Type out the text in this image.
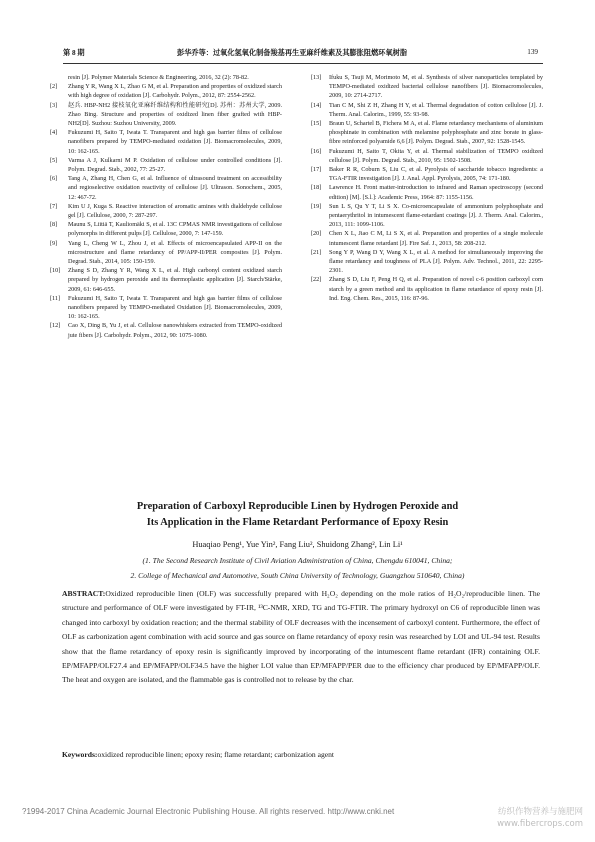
第 8 期	彭华乔等：过氧化氢氧化制备羧基再生亚麻纤维素及其膨胀阻燃环氧树脂	139

resin [J]. Polymer Materials Science & Engineering, 2016, 32 (2): 78-82.

[2] Zhang Y R, Wang X L, Zhao G M, et al. Preparation and properties of oxidized starch with high degree of oxidation [J]. Carbohydr. Polym., 2012, 87: 2554-2562.

[3] 赵兵. HBP-NH2 接枝氧化亚麻纤维结构和性能研究[D]. 苏州：苏州大学, 2009. Zhao Bing. Structure and properties of oxidized linen fiber grafted with HBP-NH2[D]. Suzhou: Suzhou University, 2009.

[4] Fukuzumi H, Saito T, Iwata T. Transparent and high gas barrier films of cellulose nanofibers prepared by TEMPO-mediated oxidation [J]. Biomacromolecules, 2009, 10: 162-165.

[5] Varma A J, Kulkarni M P. Oxidation of cellulose under controlled conditions [J]. Polym. Degrad. Stab., 2002, 77: 25-27.

[6] Tang A, Zhang H, Chen G, et al. Influence of ultrasound treatment on accessibility and regioselective oxidation reactivity of cellulose [J]. Ultrason. Sonochem., 2005, 12: 467-72.

[7] Kim U J, Kuga S. Reactive interaction of aromatic amines with dialdehyde cellulose gel [J]. Cellulose, 2000, 7: 287-297.

[8] Maunu S, Liitiä T, Kauliomäki S, et al. 13C CPMAS NMR investigations of cellulose polymorphs in different pulps [J]. Cellulose, 2000, 7: 147-159.

[9] Yang L, Cheng W L, Zhou J, et al. Effects of microencapsulated APP-II on the microstructure and flame retardancy of PP/APP-II/PER composites [J]. Polym. Degrad. Stab., 2014, 105: 150-159.

[10] Zhang S D, Zhang Y R, Wang X L, et al. High carbonyl content oxidized starch prepared by hydrogen peroxide and its thermoplastic application [J]. Starch/Stärke, 2009, 61: 646-655.

[11] Fukuzumi H, Saito T, Iwata T. Transparent and high gas barrier films of cellulose nanofibers prepared by TEMPO-mediated Oxidation [J]. Biomacromolecules, 2009, 10: 162-165.

[12] Cao X, Ding B, Yu J, et al. Cellulose nanowhiskers extracted from TEMPO-oxidized jute fibers [J]. Carbohydr. Polym., 2012, 90: 1075-1080.

[13] Ifuku S, Tsuji M, Morimoto M, et al. Synthesis of silver nanoparticles templated by TEMPO-mediated oxidized bacterial cellulose nanofibers [J]. Biomacromolecules, 2009, 10: 2714-2717.

[14] Tian C M, Shi Z H, Zhang H Y, et al. Thermal degradation of cotton cellulose [J]. J. Therm. Anal. Calorim., 1999, 55: 93-98.

[15] Braun U, Schartel B, Fichera M A, et al. Flame retardancy mechanisms of aluminium phosphinate in combination with melamine polyphosphate and zinc borate in glass-fibre reinforced polyamide 6,6 [J]. Polym. Degrad. Stab., 2007, 92: 1528-1545.

[16] Fukuzumi H, Saito T, Okita Y, et al. Thermal stabilization of TEMPO oxidized cellulose [J]. Polym. Degrad. Stab., 2010, 95: 1502-1508.

[17] Baker R R, Coburn S, Liu C, et al. Pyrolysis of saccharide tobacco ingredients: a TGA-FTIR investigation [J]. J. Anal. Appl. Pyrolysis, 2005, 74: 171-180.

[18] Lawrence H. Front matter-introduction to infrared and Raman spectroscopy (second edition) [M]. [S.l.]: Academic Press, 1964: 87: 1155-1156.

[19] Sun L S, Qu Y T, Li S X. Co-microencapsulate of ammonium polyphosphate and pentaerythritol in intumescent flame-retardant coatings [J]. J. Therm. Anal. Calorim., 2013, 111: 1099-1106.

[20] Chen X L, Jiao C M, Li S X, et al. Preparation and properties of a single molecule intumescent flame retardant [J]. Fire Saf. J., 2013, 58: 208-212.

[21] Song Y P, Wang D Y, Wang X L, et al. A method for simultaneously improving the flame retardancy and toughness of PLA [J]. Polym. Adv. Technol., 2011, 22: 2295-2301.

[22] Zhang S D, Liu F, Peng H Q, et al. Preparation of novel c-6 position carboxyl corn starch by a green method and its application in flame retardance of epoxy resin [J]. Ind. Eng. Chem. Res., 2015, 116: 87-96.

Preparation of Carboxyl Reproducible Linen by Hydrogen Peroxide and
Its Application in the Flame Retardant Performance of Epoxy Resin
Huaqiao Peng¹, Yue Yin², Fang Liu², Shuidong Zhang², Lin Li¹
(1. The Second Research Institute of Civil Aviation Administration of China, Chengdu 610041, China;
2. College of Mechanical and Automotive, South China University of Technology, Guangzhou 510640, China)
ABSTRACT:Oxidized reproducible linen (OLF) was successfully prepared with H₂O₂ depending on the mole ratios of H₂O₂/reproducible linen. The structure and performance of OLF were investigated by FT-IR, ¹³C-NMR, XRD, TG and TG-FTIR. The primary hydroxyl on C6 of reproducible linen was changed into carboxyl by oxidation reaction; and the thermal stability of OLF decreases with the incensement of carboxyl content. Furthermore, the effect of OLF as carbonization agent combination with acid source and gas source on flame retardancy of epoxy resin was researched by LOI and UL-94 test. Results show that the flame retardancy of epoxy resin is significantly improved by incorporating of the intumescent flame retardant (IFR) containing OLF. EP/MFAPP/OLF27.4 and EP/MFAPP/OLF34.5 have the higher LOI value than EP/MFAPP/PER due to the efficiency char produced by EP/MFAPP/OLF. The heat and oxygen are isolated, and the flammable gas is controlled not to release by the char.
Keywords:oxidized reproducible linen; epoxy resin; flame retardant; carbonization agent
?1994-2017 China Academic Journal Electronic Publishing House. All rights reserved. http://www.cnki.net	纺织作物营养与施肥网
www.fibercrops.com
